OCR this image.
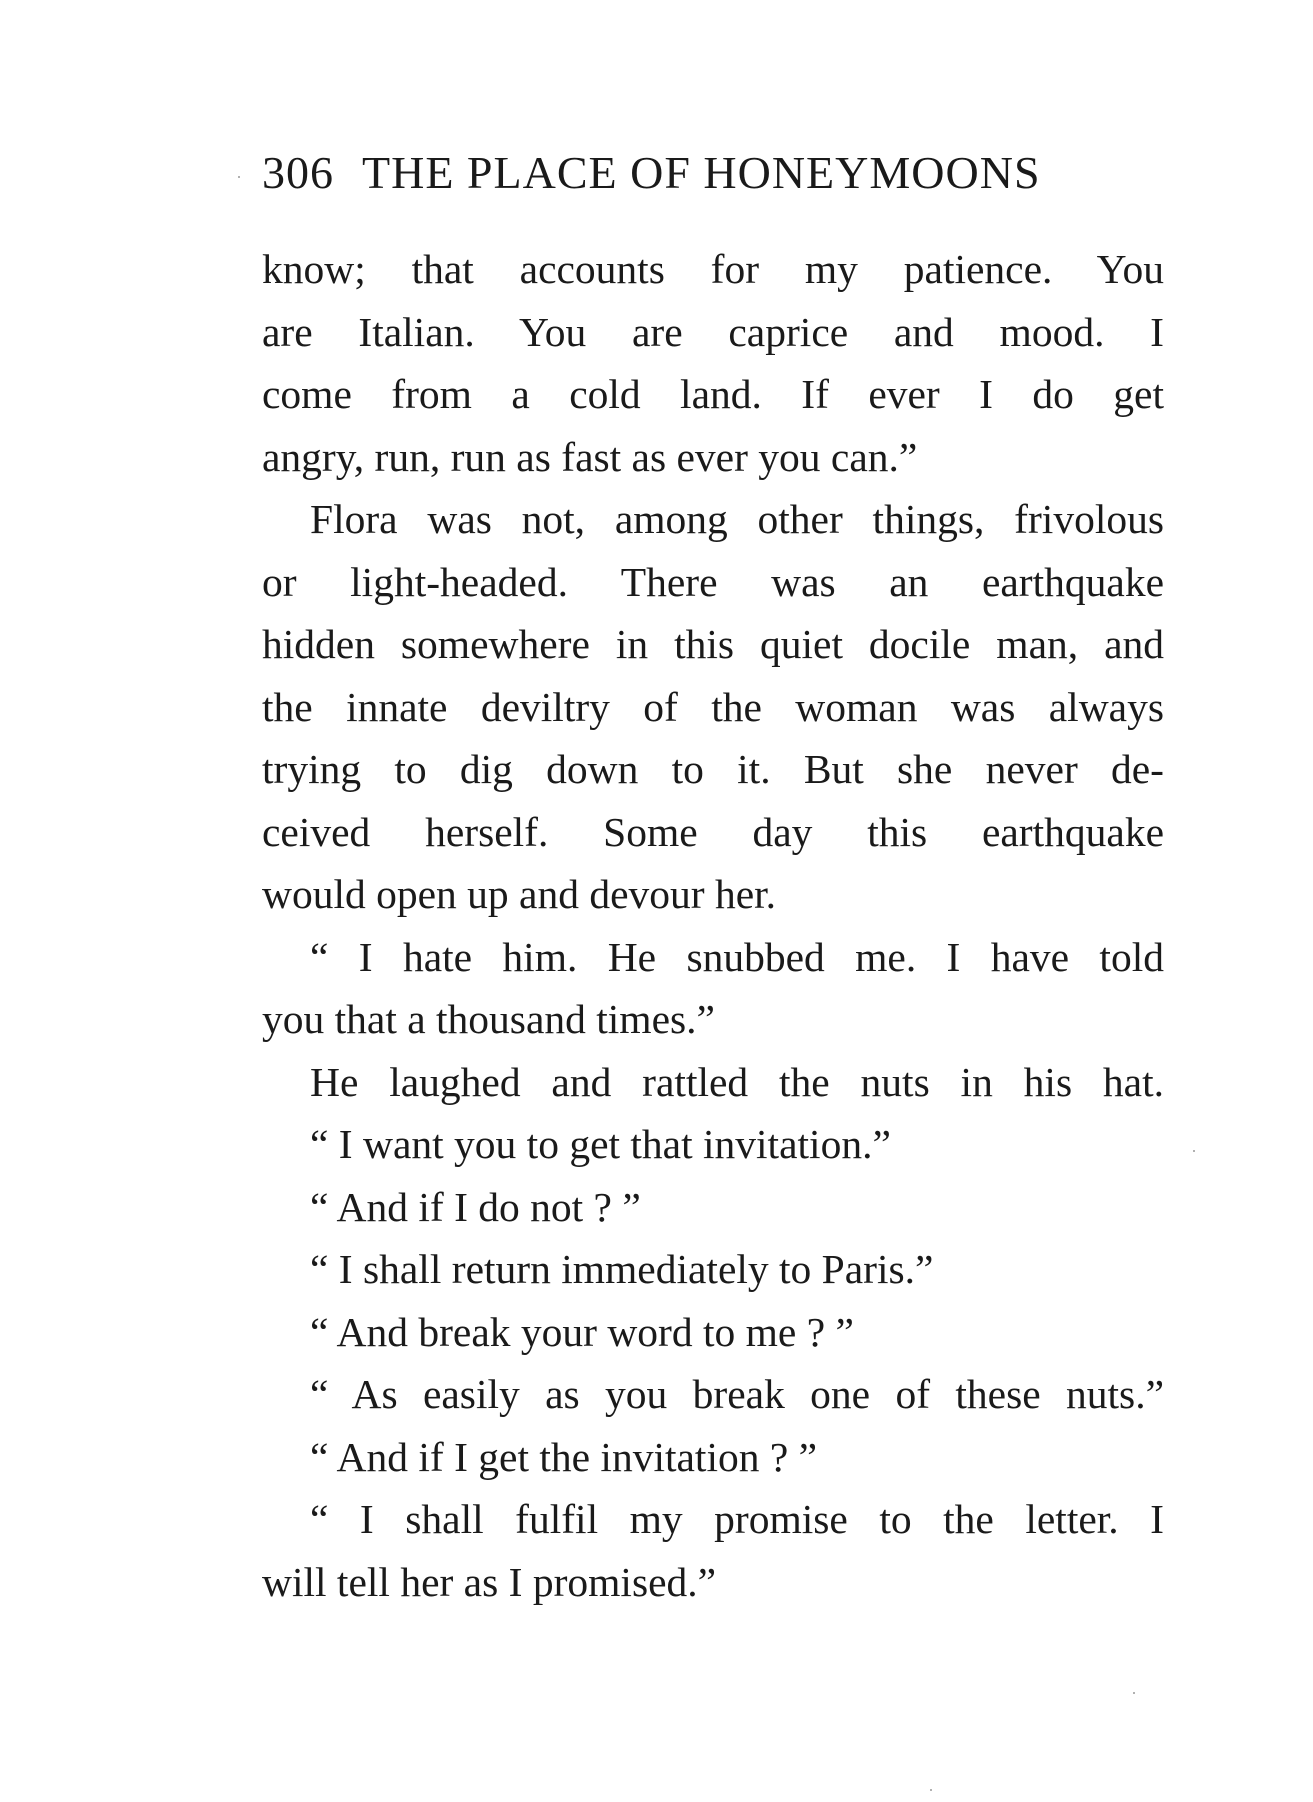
306 THE PLACE OF HONEYMOONS
know; that accounts for my patience. You
are Italian. You are caprice and mood. I
come from a cold land. If ever I do get
angry, run, run as fast as ever you can.”
Flora was not, among other things, frivolous
or light-headed. There was an earthquake
hidden somewhere in this quiet docile man, and
the innate deviltry of the woman was always
trying to dig down to it. But she never de-
ceived herself. Some day this earthquake
would open up and devour her.
“ I hate him. He snubbed me. I have told
you that a thousand times.”
He laughed and rattled the nuts in his hat.
“ I want you to get that invitation.”
“ And if I do not ? ”
“ I shall return immediately to Paris.”
“ And break your word to me ? ”
“ As easily as you break one of these nuts.”
“ And if I get the invitation ? ”
“ I shall fulfil my promise to the letter. I
will tell her as I promised.”
